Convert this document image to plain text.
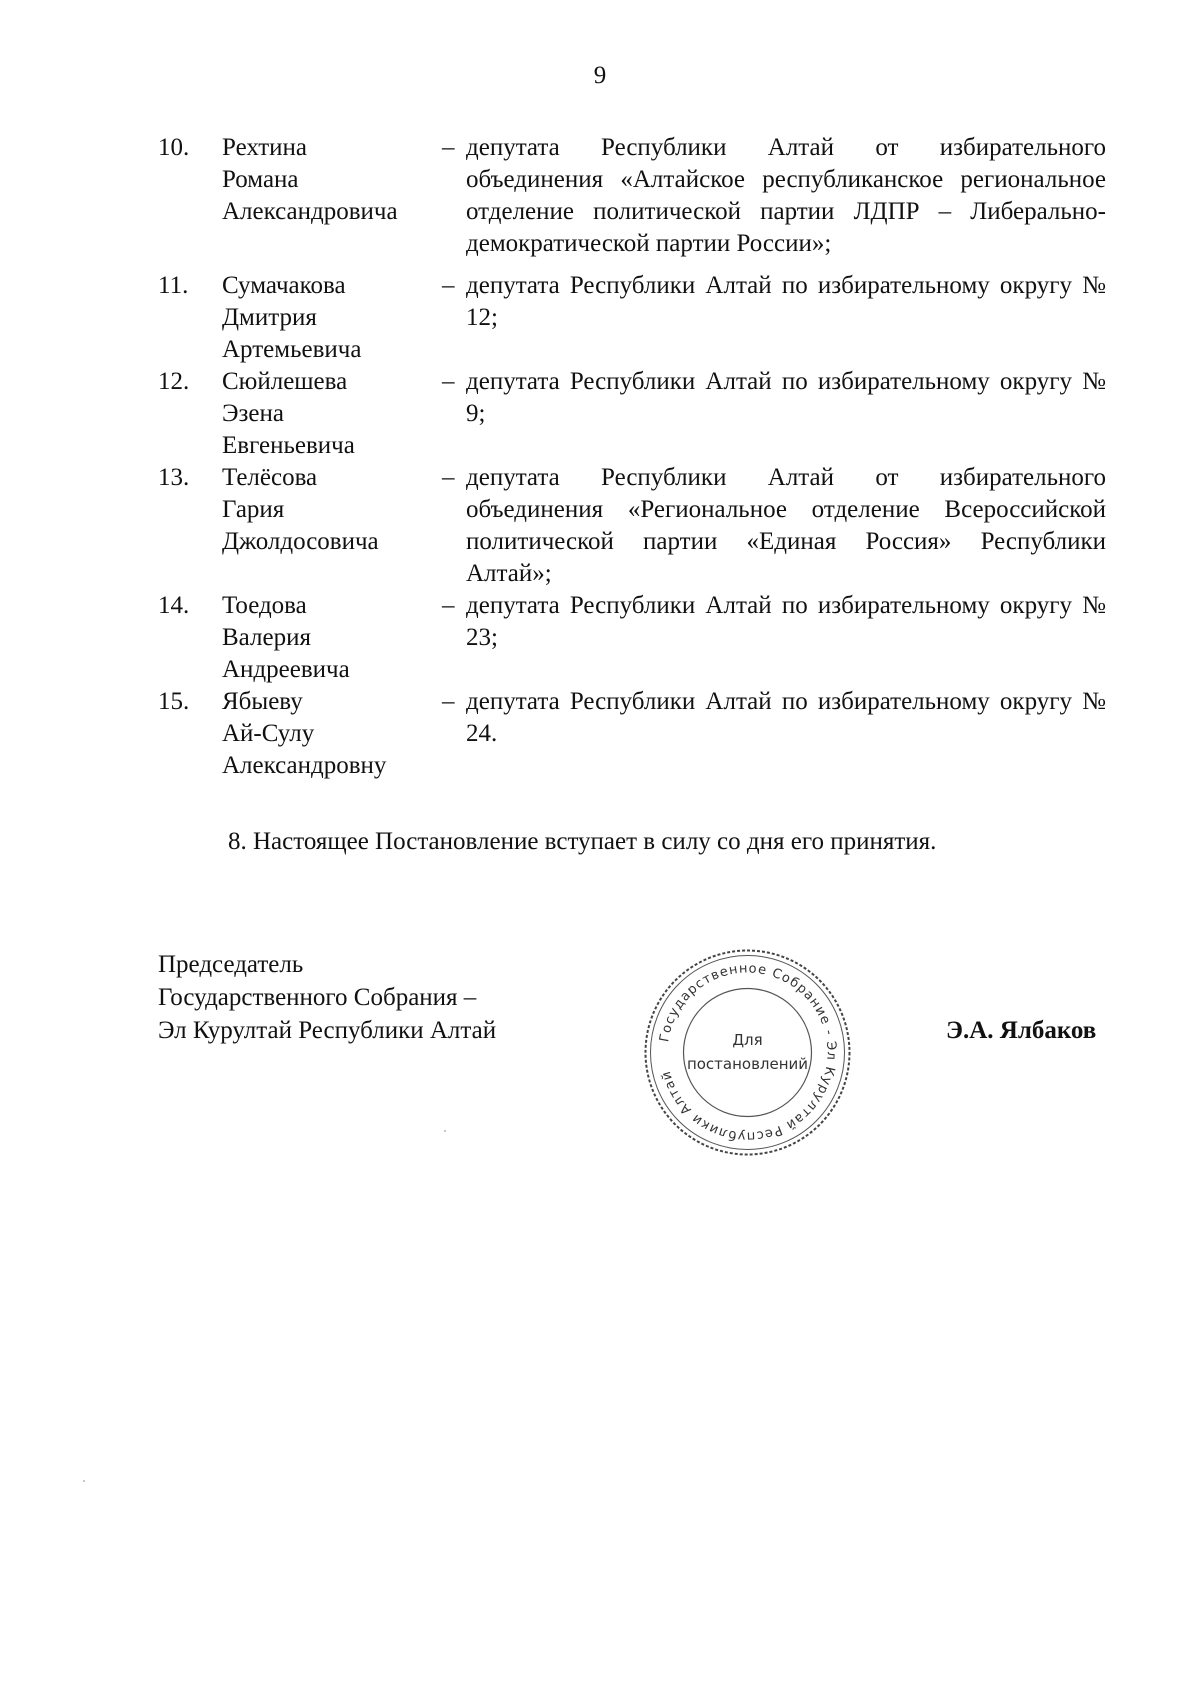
9
10.	Рехтина
Романа
Александровича
– депутата Республики Алтай от избирательного объединения «Алтайское республиканское региональное отделение политической партии ЛДПР – Либерально-демократической партии России»;
11.	Сумачакова
Дмитрия
Артемьевича
– депутата Республики Алтай по избирательному округу № 12;
12.	Сюйлешева
Эзена
Евгеньевича
– депутата Республики Алтай по избирательному округу № 9;
13.	Телёсова
Гария
Джолдосовича
– депутата Республики Алтай от избирательного объединения «Региональное отделение Всероссийской политической партии «Единая Россия» Республики Алтай»;
14.	Тоедова
Валерия
Андреевича
– депутата Республики Алтай по избирательному округу № 23;
15.	Ябыеву
Ай-Сулу
Александровну
– депутата Республики Алтай по избирательному округу № 24.
8. Настоящее Постановление вступает в силу со дня его принятия.
Председатель
Государственного Собрания –
Эл Курултай Республики Алтай	Государственное Собрание - Эл Курултай Республики Алтай
Для
постановлений
Э.А. Ялбаков
